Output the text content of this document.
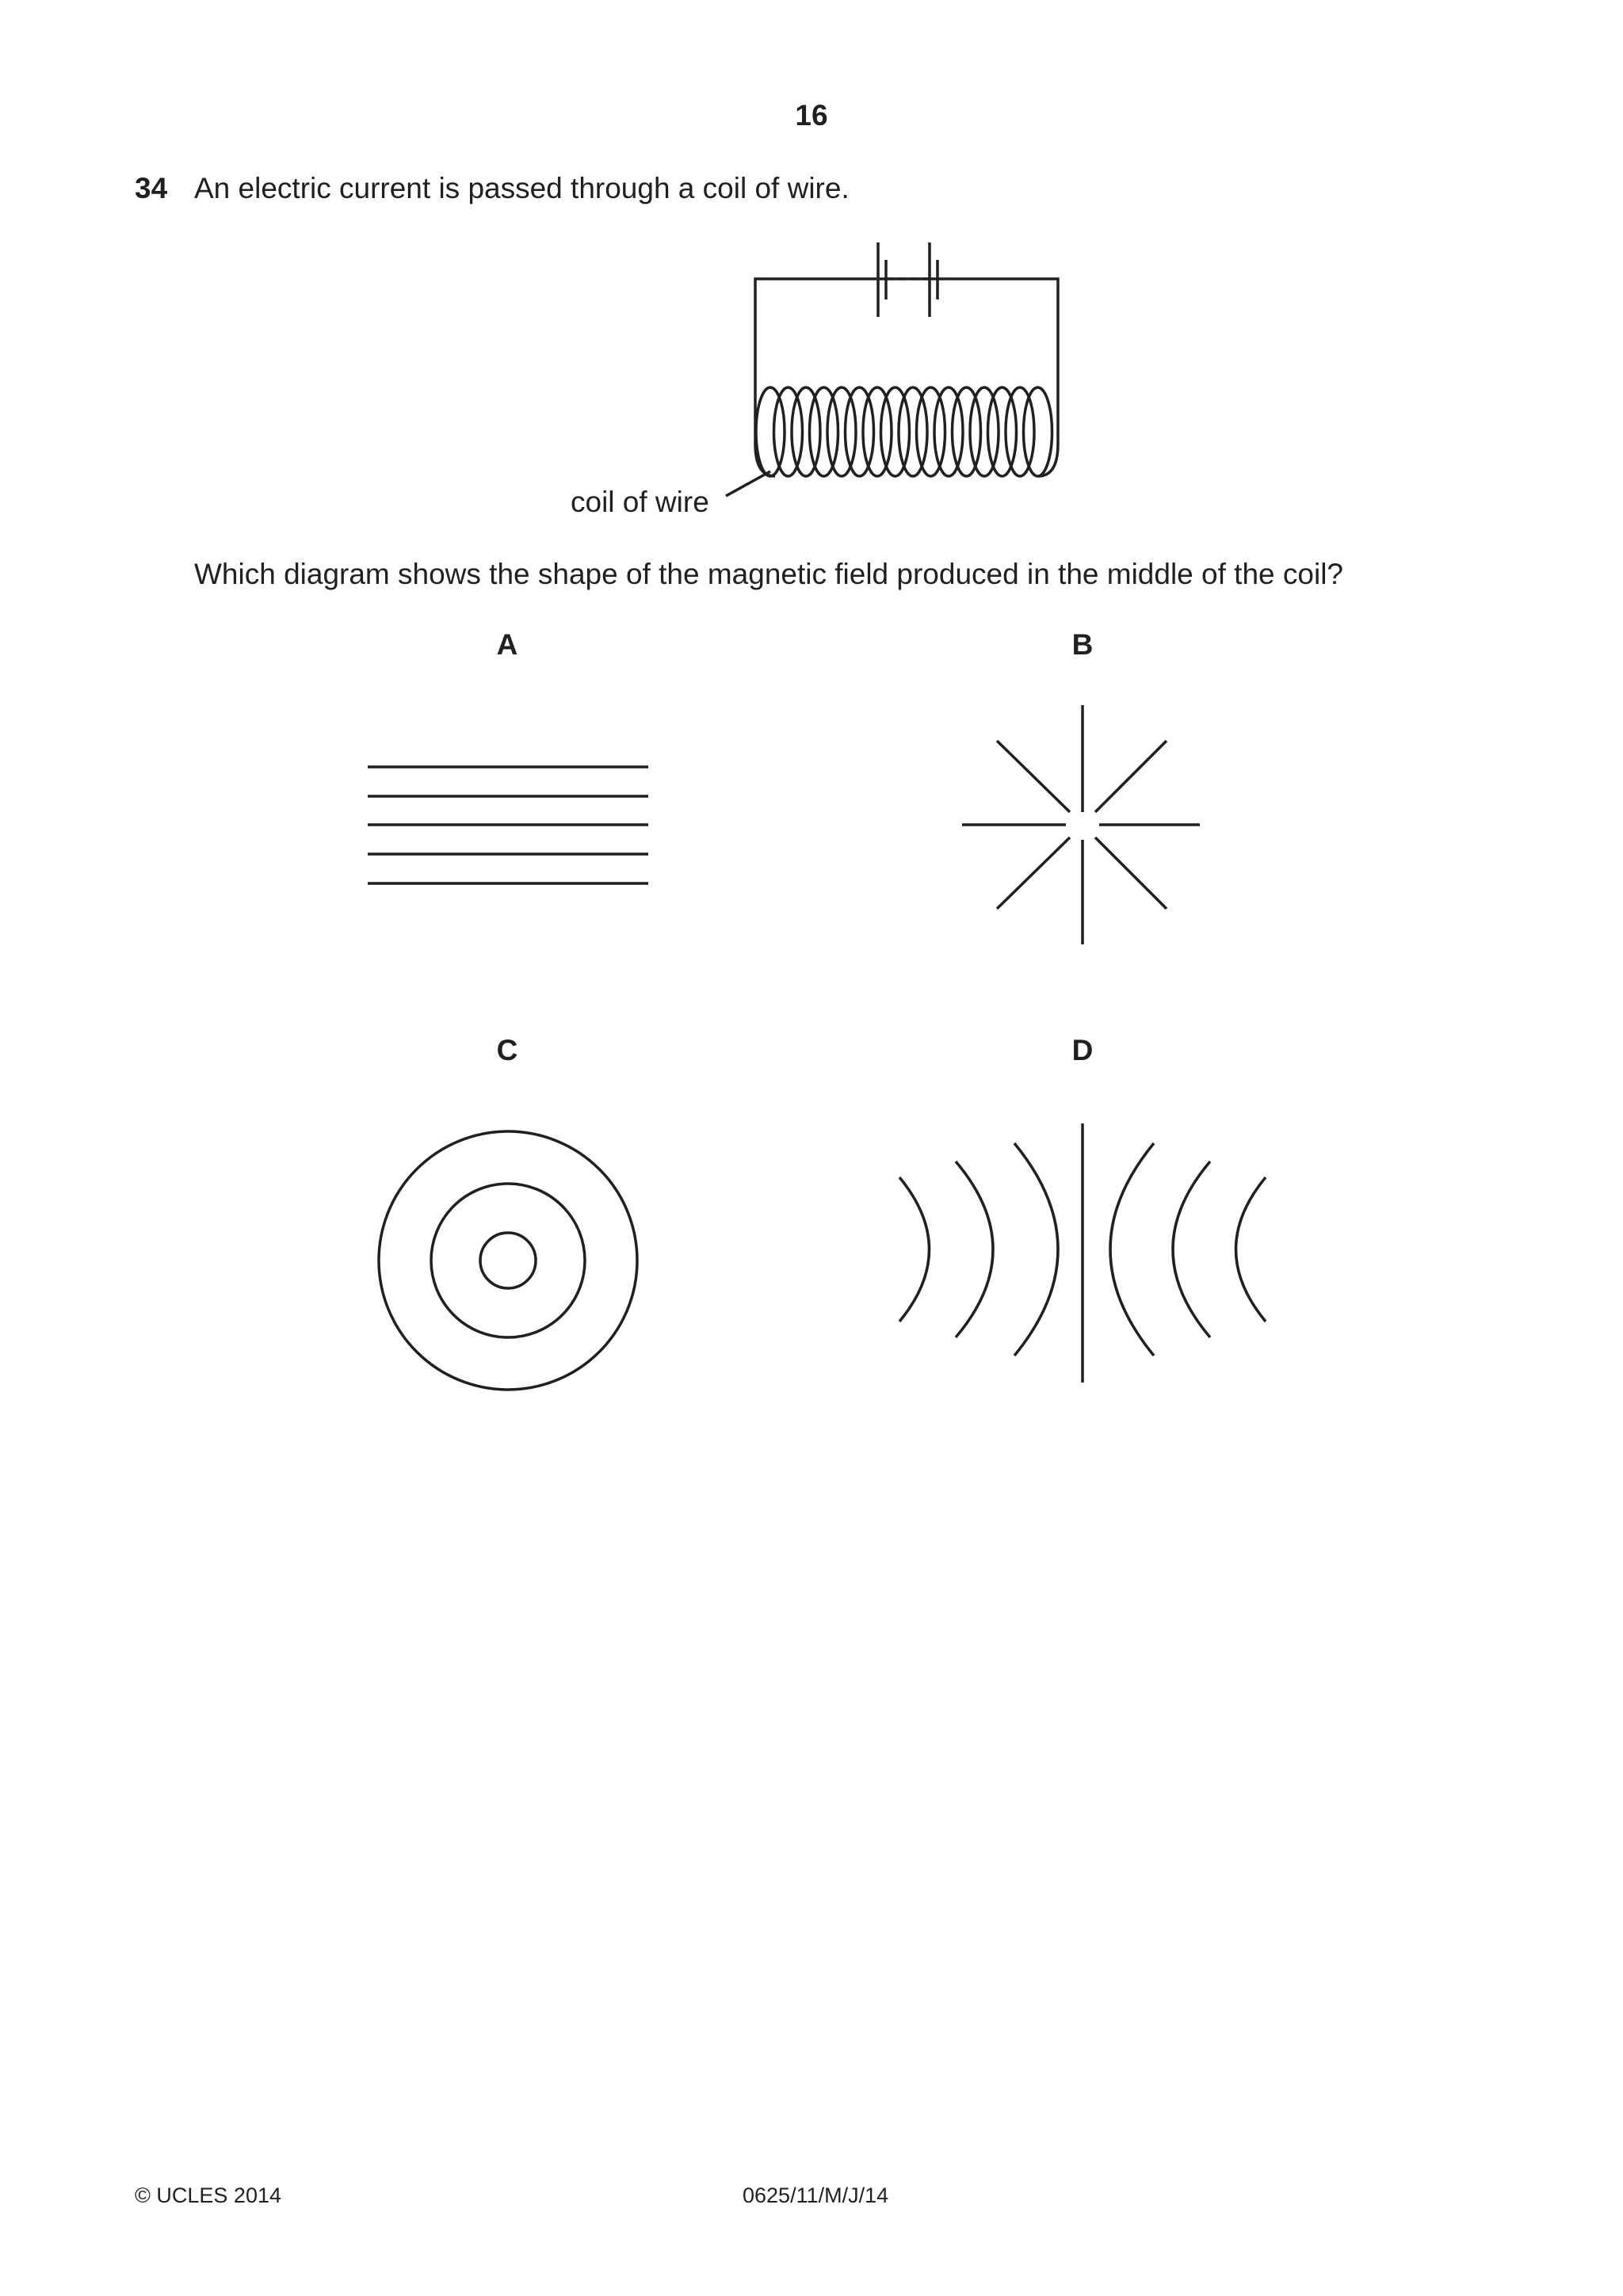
16
34 An electric current is passed through a coil of wire.
coil of wire
Which diagram shows the shape of the magnetic field produced in the middle of the coil?
A	B
C	D
© UCLES 2014	0625/11/M/J/14
